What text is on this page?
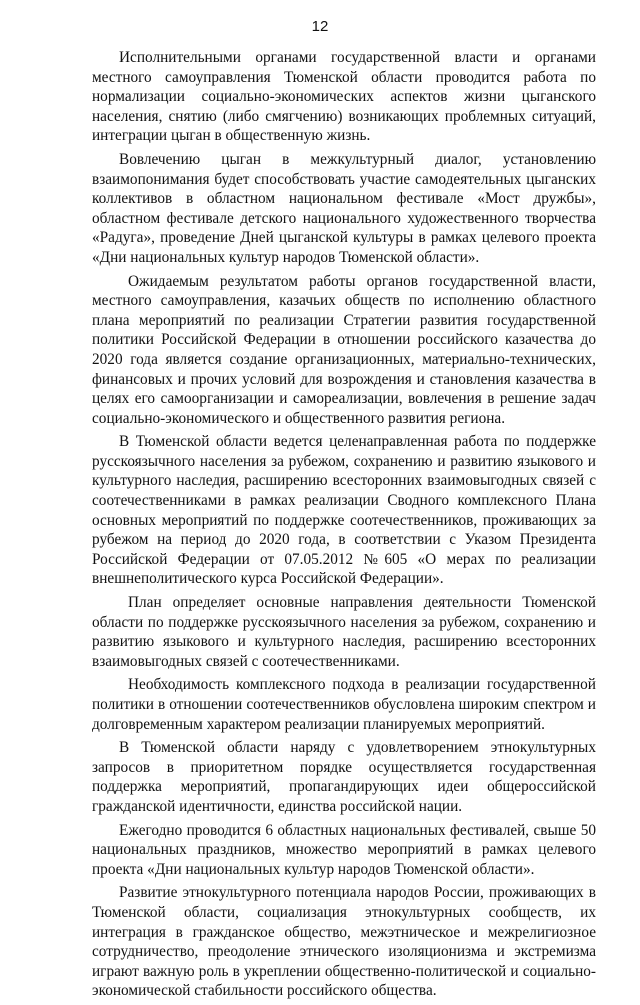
12

Исполнительными органами государственной власти и органами местного самоуправления Тюменской области проводится работа по нормализации социально-экономических аспектов жизни цыганского населения, снятию (либо смягчению) возникающих проблемных ситуаций, интеграции цыган в общественную жизнь.

Вовлечению цыган в межкультурный диалог, установлению взаимопонимания будет способствовать участие самодеятельных цыганских коллективов в областном национальном фестивале «Мост дружбы», областном фестивале детского национального художественного творчества «Радуга», проведение Дней цыганской культуры в рамках целевого проекта «Дни национальных культур народов Тюменской области».

Ожидаемым результатом работы органов государственной власти, местного самоуправления, казачьих обществ по исполнению областного плана мероприятий по реализации Стратегии развития государственной политики Российской Федерации в отношении российского казачества до 2020 года является создание организационных, материально-технических, финансовых и прочих условий для возрождения и становления казачества в целях его самоорганизации и самореализации, вовлечения в решение задач социально-экономического и общественного развития региона.

В Тюменской области ведется целенаправленная работа по поддержке русскоязычного населения за рубежом, сохранению и развитию языкового и культурного наследия, расширению всесторонних взаимовыгодных связей с соотечественниками в рамках реализации Сводного комплексного Плана основных мероприятий по поддержке соотечественников, проживающих за рубежом на период до 2020 года, в соответствии с Указом Президента Российской Федерации от 07.05.2012 №605 «О мерах по реализации внешнеполитического курса Российской Федерации».

План определяет основные направления деятельности Тюменской области по поддержке русскоязычного населения за рубежом, сохранению и развитию языкового и культурного наследия, расширению всесторонних взаимовыгодных связей с соотечественниками.

Необходимость комплексного подхода в реализации государственной политики в отношении соотечественников обусловлена широким спектром и долговременным характером реализации планируемых мероприятий.

В Тюменской области наряду с удовлетворением этнокультурных запросов в приоритетном порядке осуществляется государственная поддержка мероприятий, пропагандирующих идеи общероссийской гражданской идентичности, единства российской нации.

Ежегодно проводится 6 областных национальных фестивалей, свыше 50 национальных праздников, множество мероприятий в рамках целевого проекта «Дни национальных культур народов Тюменской области».

Развитие этнокультурного потенциала народов России, проживающих в Тюменской области, социализация этнокультурных сообществ, их интеграция в гражданское общество, межэтническое и межрелигиозное сотрудничество, преодоление этнического изоляционизма и экстремизма играют важную роль в укреплении общественно-политической и социально-экономической стабильности российского общества.
